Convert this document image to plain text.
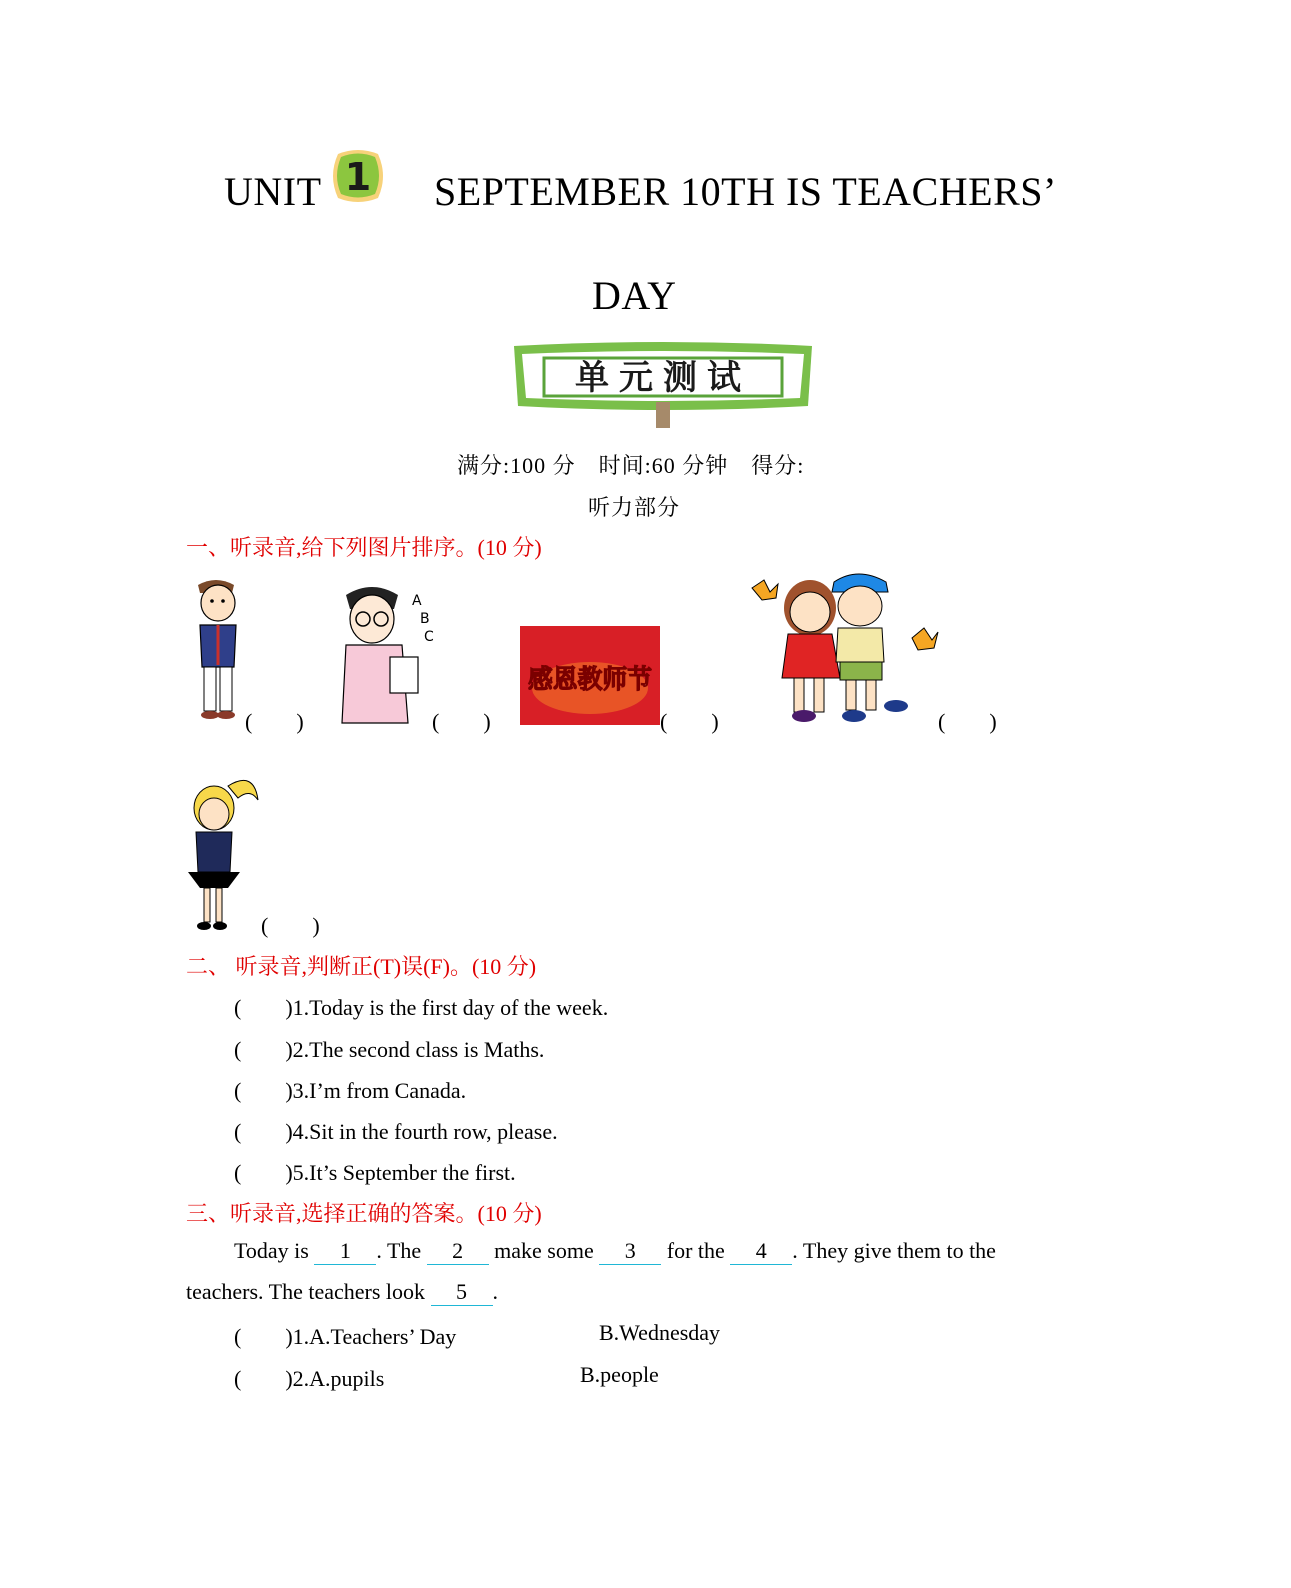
UNIT 1 SEPTEMBER 10TH IS TEACHERS’
DAY
单元测试
满分:100 分　时间:60 分钟　得分:
听力部分
一、听录音,给下列图片排序。(10 分)
(　　)
A
B
C
(　　)
感恩教师节
(　　)	(　　)
(　　)
二、 听录音,判断正(T)误(F)。(10 分)
(　　)1.Today is the first day of the week.
(　　)2.The second class is Maths.
(　　)3.I’m from Canada.
(　　)4.Sit in the fourth row, please.
(　　)5.It’s September the first.
三、听录音,选择正确的答案。(10 分)
Today is 1 . The 2 make some 3 for the 4 . They give them to the
teachers. The teachers look 5 .
(　　)1.A.Teachers’ Day	B.Wednesday
(　　)2.A.pupils	B.people
